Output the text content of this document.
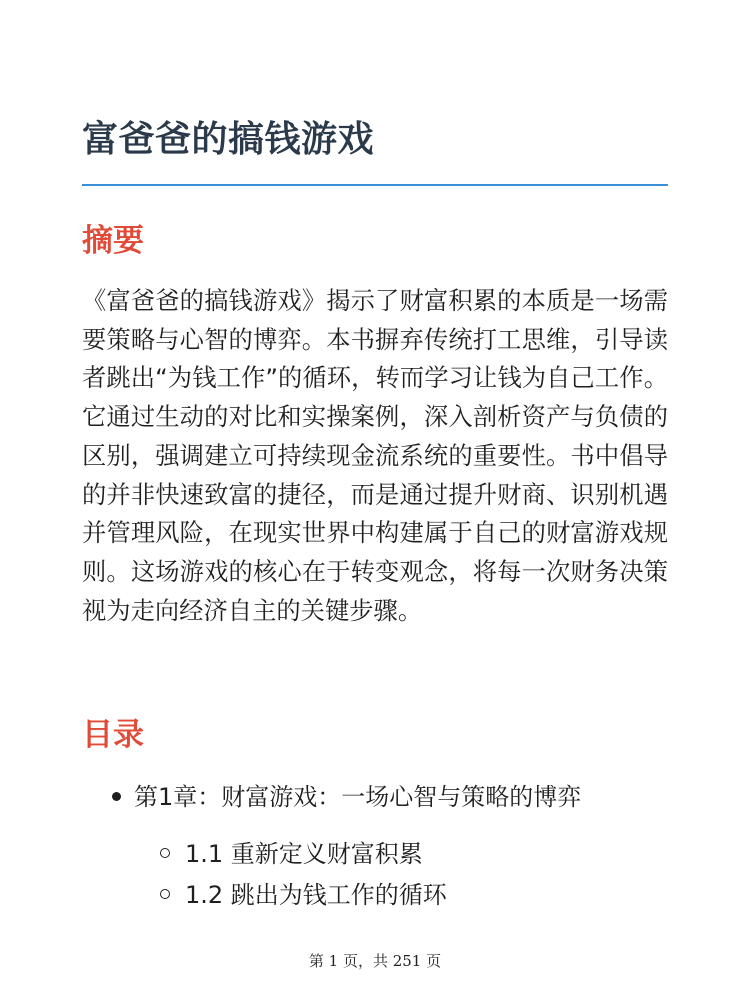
富爸爸的搞钱游戏
摘要

《富爸爸的搞钱游戏》揭示了财富积累的本质是一场需要策略与心智的博弈。本书摒弃传统打工思维，引导读者跳出“为钱工作”的循环，转而学习让钱为自己工作。它通过生动的对比和实操案例，深入剖析资产与负债的区别，强调建立可持续现金流系统的重要性。书中倡导的并非快速致富的捷径，而是通过提升财商、识别机遇并管理风险，在现实世界中构建属于自己的财富游戏规则。这场游戏的核心在于转变观念，将每一次财务决策视为走向经济自主的关键步骤。

目录
第1章：财富游戏：一场心智与策略的博弈
1.1 重新定义财富积累
1.2 跳出为钱工作的循环
第 1 页，共 251 页
